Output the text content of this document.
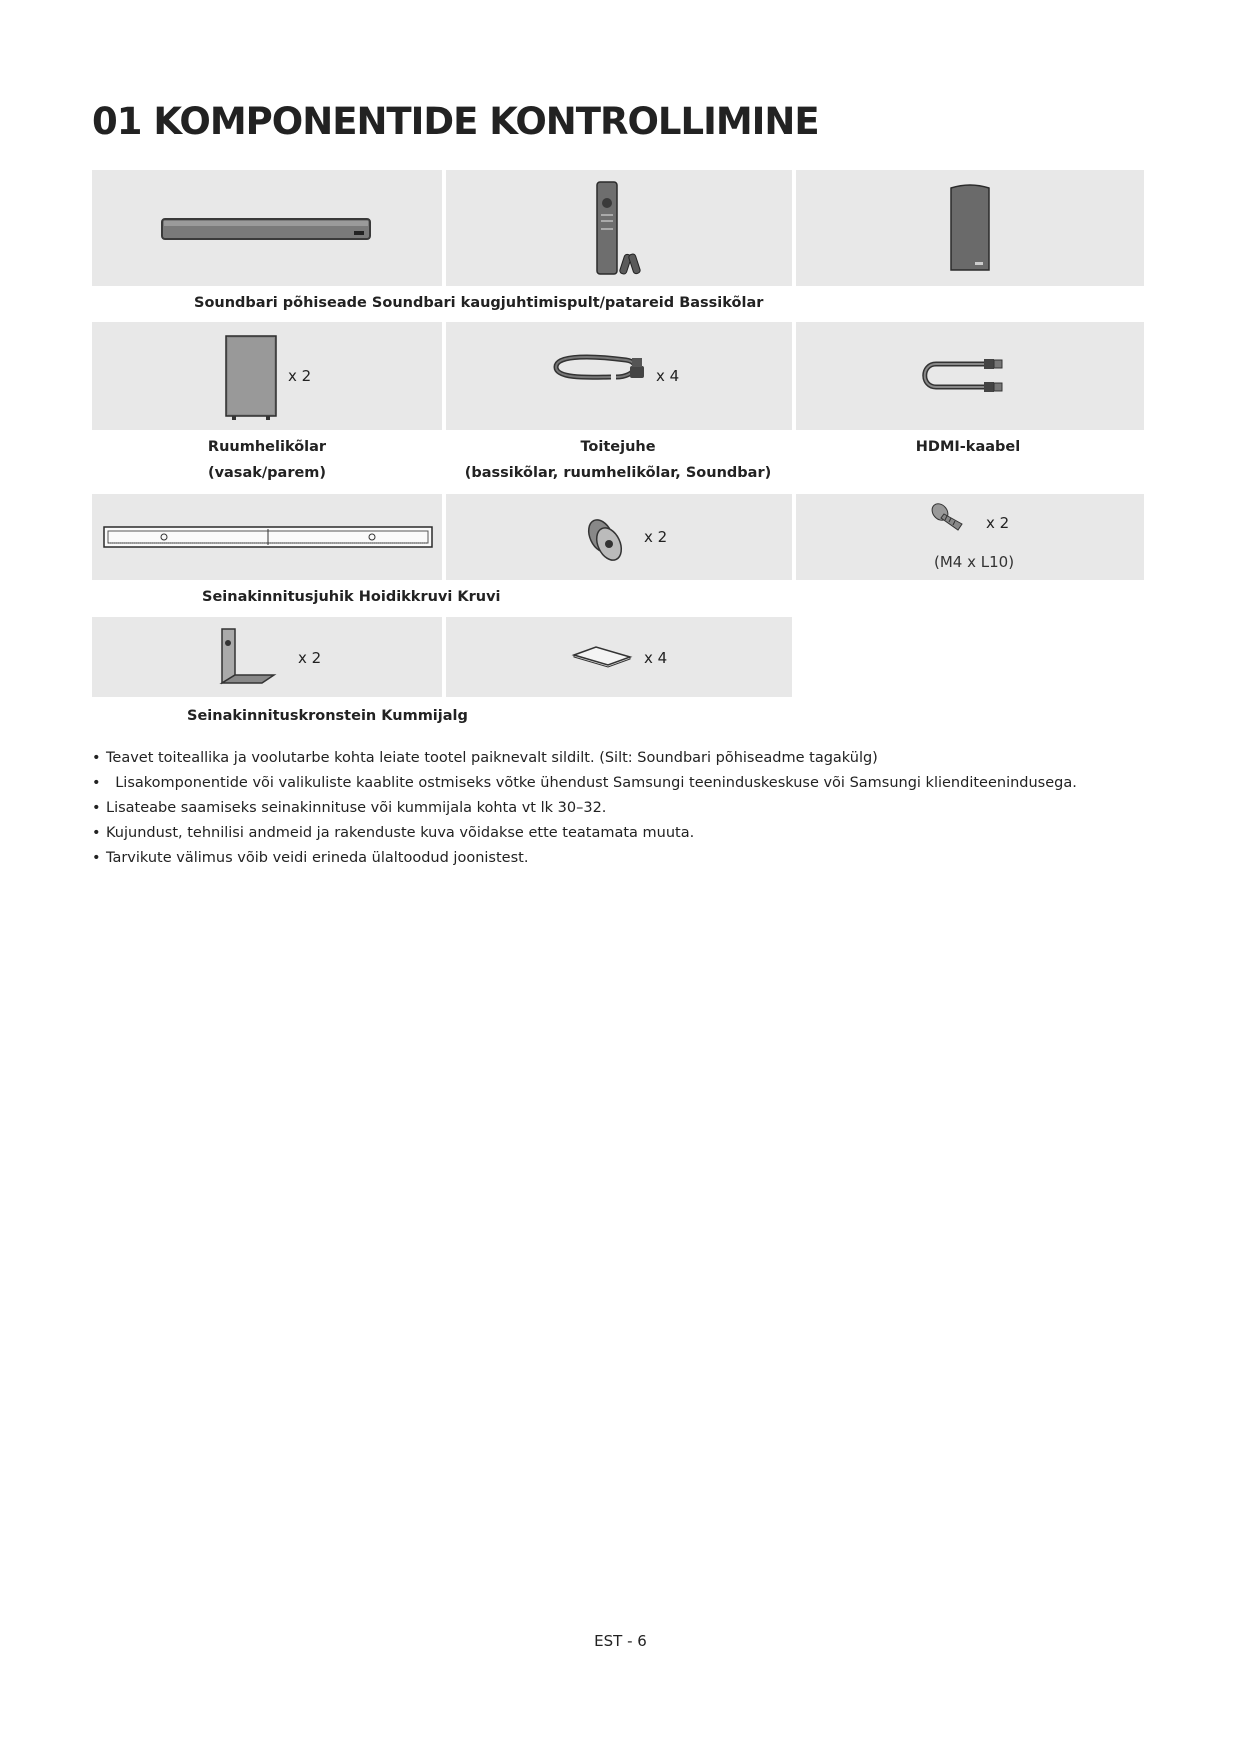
01 KOMPONENTIDE KONTROLLIMINE
Soundbari põhiseade Soundbari kaugjuhtimispult/patareid Bassikõlar
x 2	x 4
Ruumhelikõlar
(vasak/parem)
Toitejuhe
(bassikõlar, ruumhelikõlar, Soundbar)
HDMI-kaabel
x 2
x 2
(M4 x L10)
Seinakinnitusjuhik Hoidikkruvi Kruvi
x 2	x 4
Seinakinnituskronstein Kummijalg
• Teavet toiteallika ja voolutarbe kohta leiate tootel paiknevalt sildilt. (Silt: Soundbari põhiseadme tagakülg)
•   Lisakomponentide või valikuliste kaablite ostmiseks võtke ühendust Samsungi teeninduskeskuse või Samsungi klienditeenindusega.
• Lisateabe saamiseks seinakinnituse või kummijala kohta vt lk 30–32.
• Kujundust, tehnilisi andmeid ja rakenduste kuva võidakse ette teatamata muuta.
• Tarvikute välimus võib veidi erineda ülaltoodud joonistest.
EST - 6
